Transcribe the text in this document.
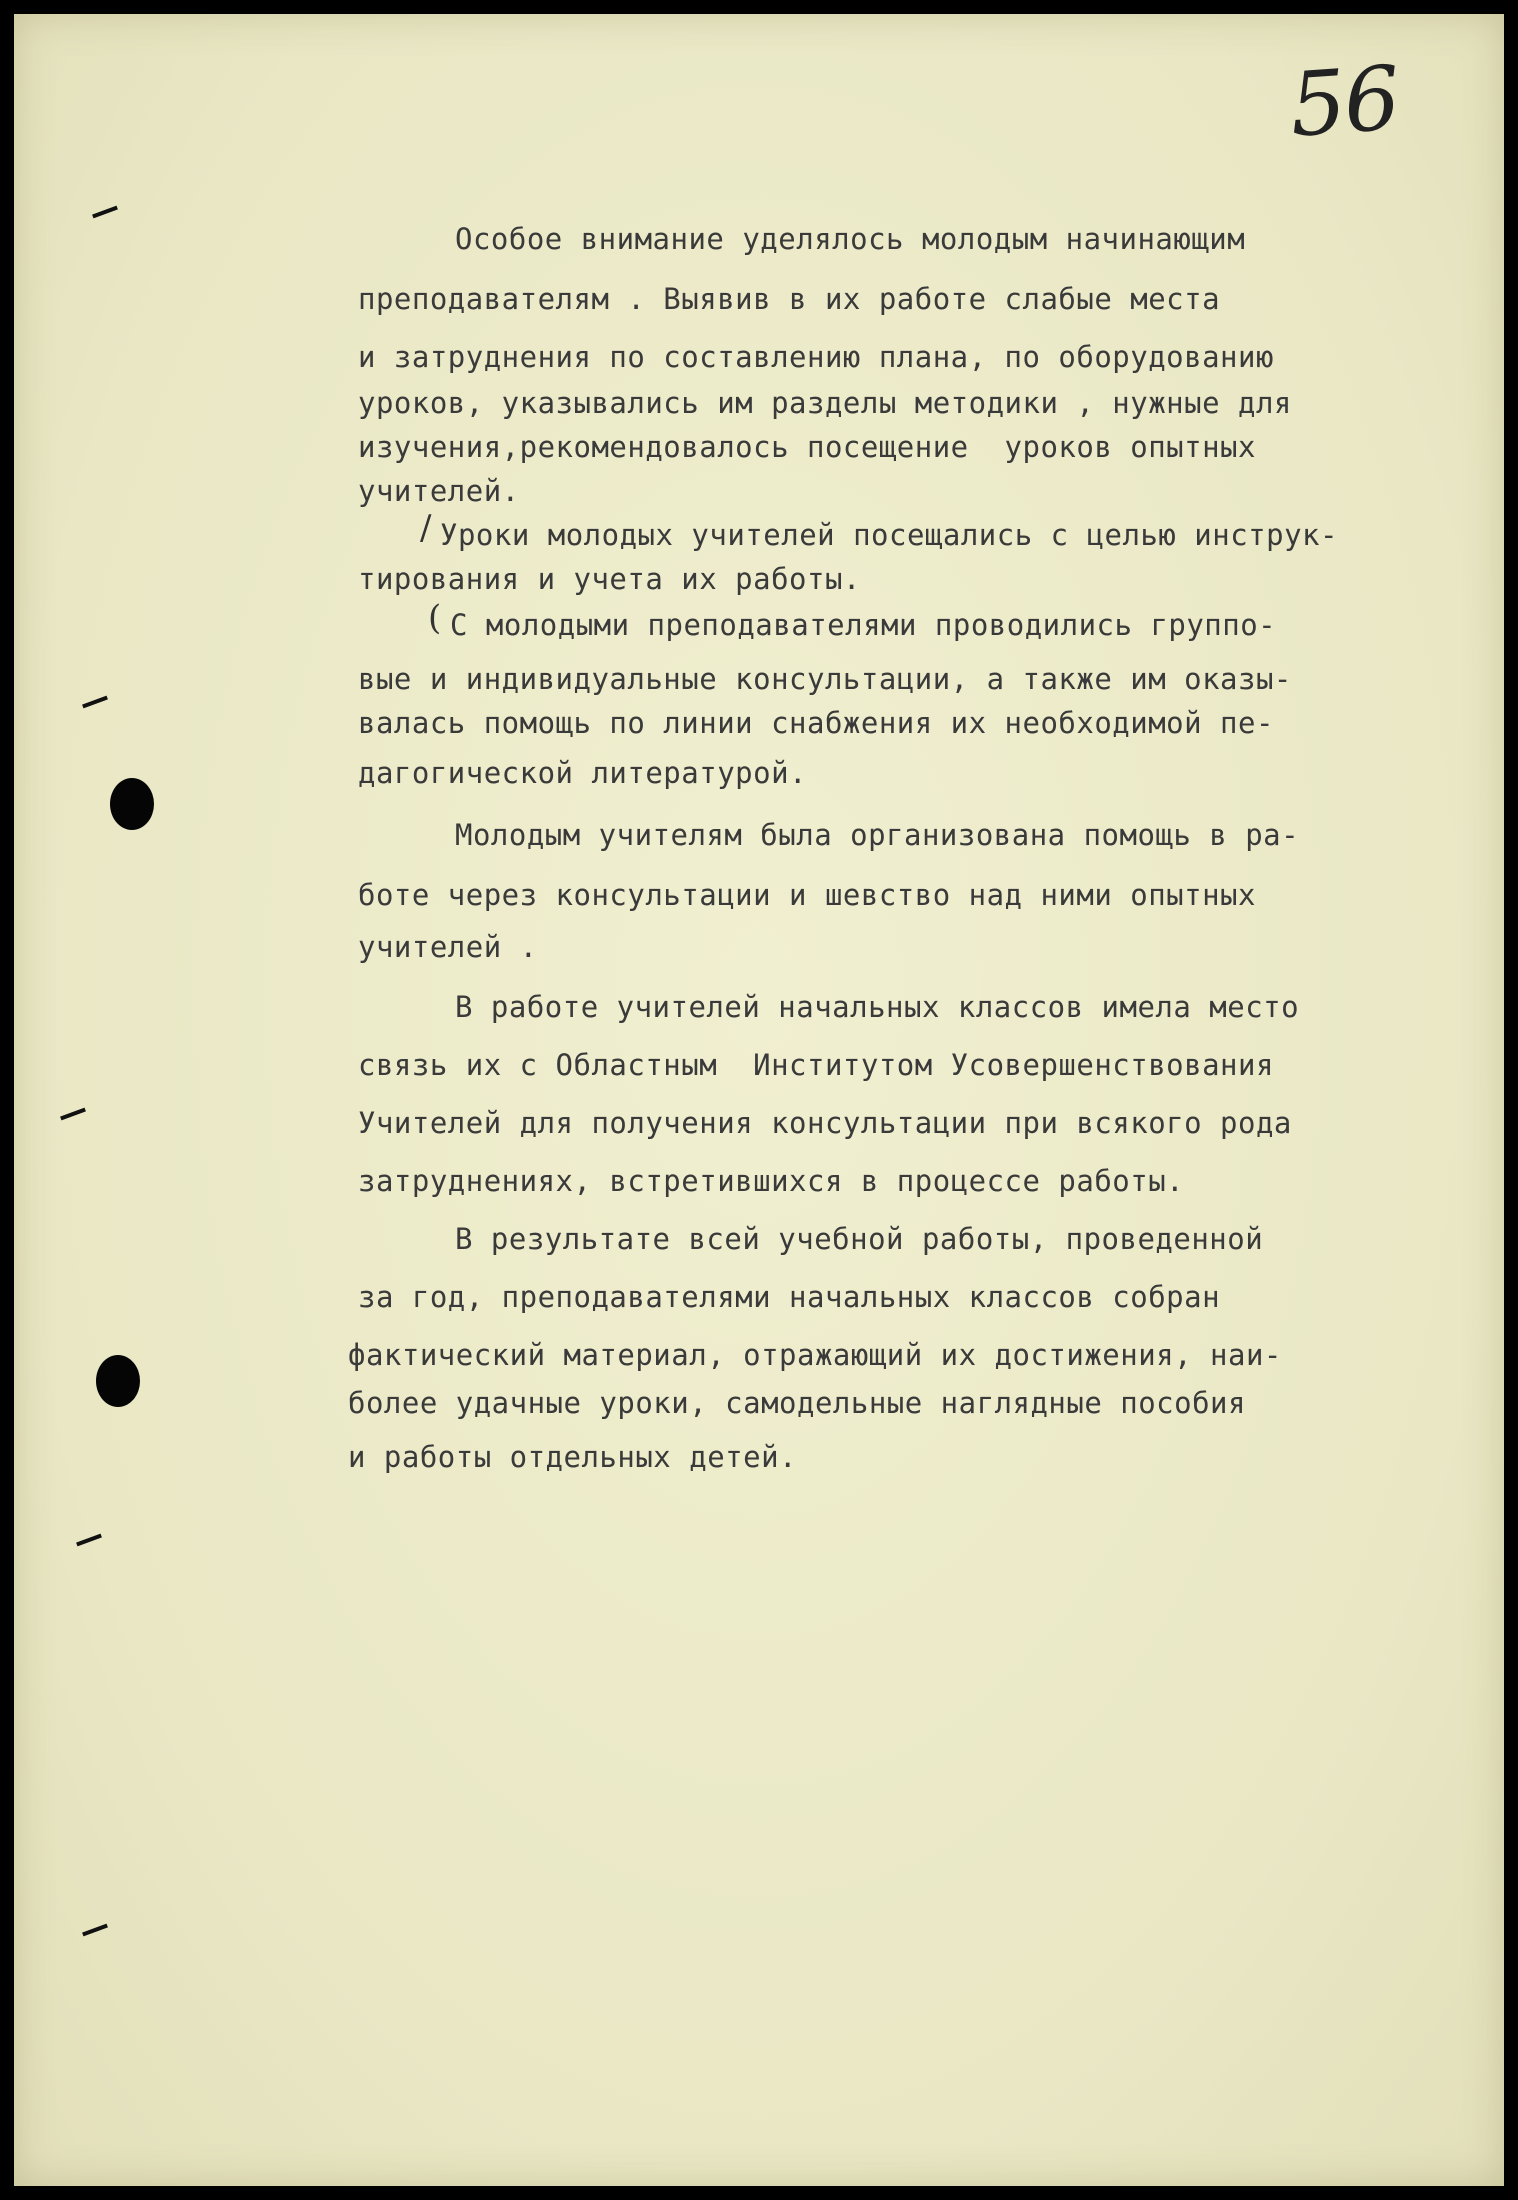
56
/
(
Особое внимание уделялось молодым начинающим
преподавателям . Выявив в их работе слабые места
и затруднения по составлению плана, по оборудованию
уроков, указывались им разделы методики , нужные для
изучения,рекомендовалось посещение  уроков опытных
учителей.
Уроки молодых учителей посещались с целью инструк-
тирования и учета их работы.
С молодыми преподавателями проводились группо-
вые и индивидуальные консультации, а также им оказы-
валась помощь по линии снабжения их необходимой пе-
дагогической литературой.
Молодым учителям была организована помощь в ра-
боте через консультации и шевство над ними опытных
учителей .
В работе учителей начальных классов имела место
связь их с Областным  Институтом Усовершенствования
Учителей для получения консультации при всякого рода
затруднениях, встретившихся в процессе работы.
В результате всей учебной работы, проведенной
за год, преподавателями начальных классов собран
фактический материал, отражающий их достижения, наи-
более удачные уроки, самодельные наглядные пособия
и работы отдельных детей.
